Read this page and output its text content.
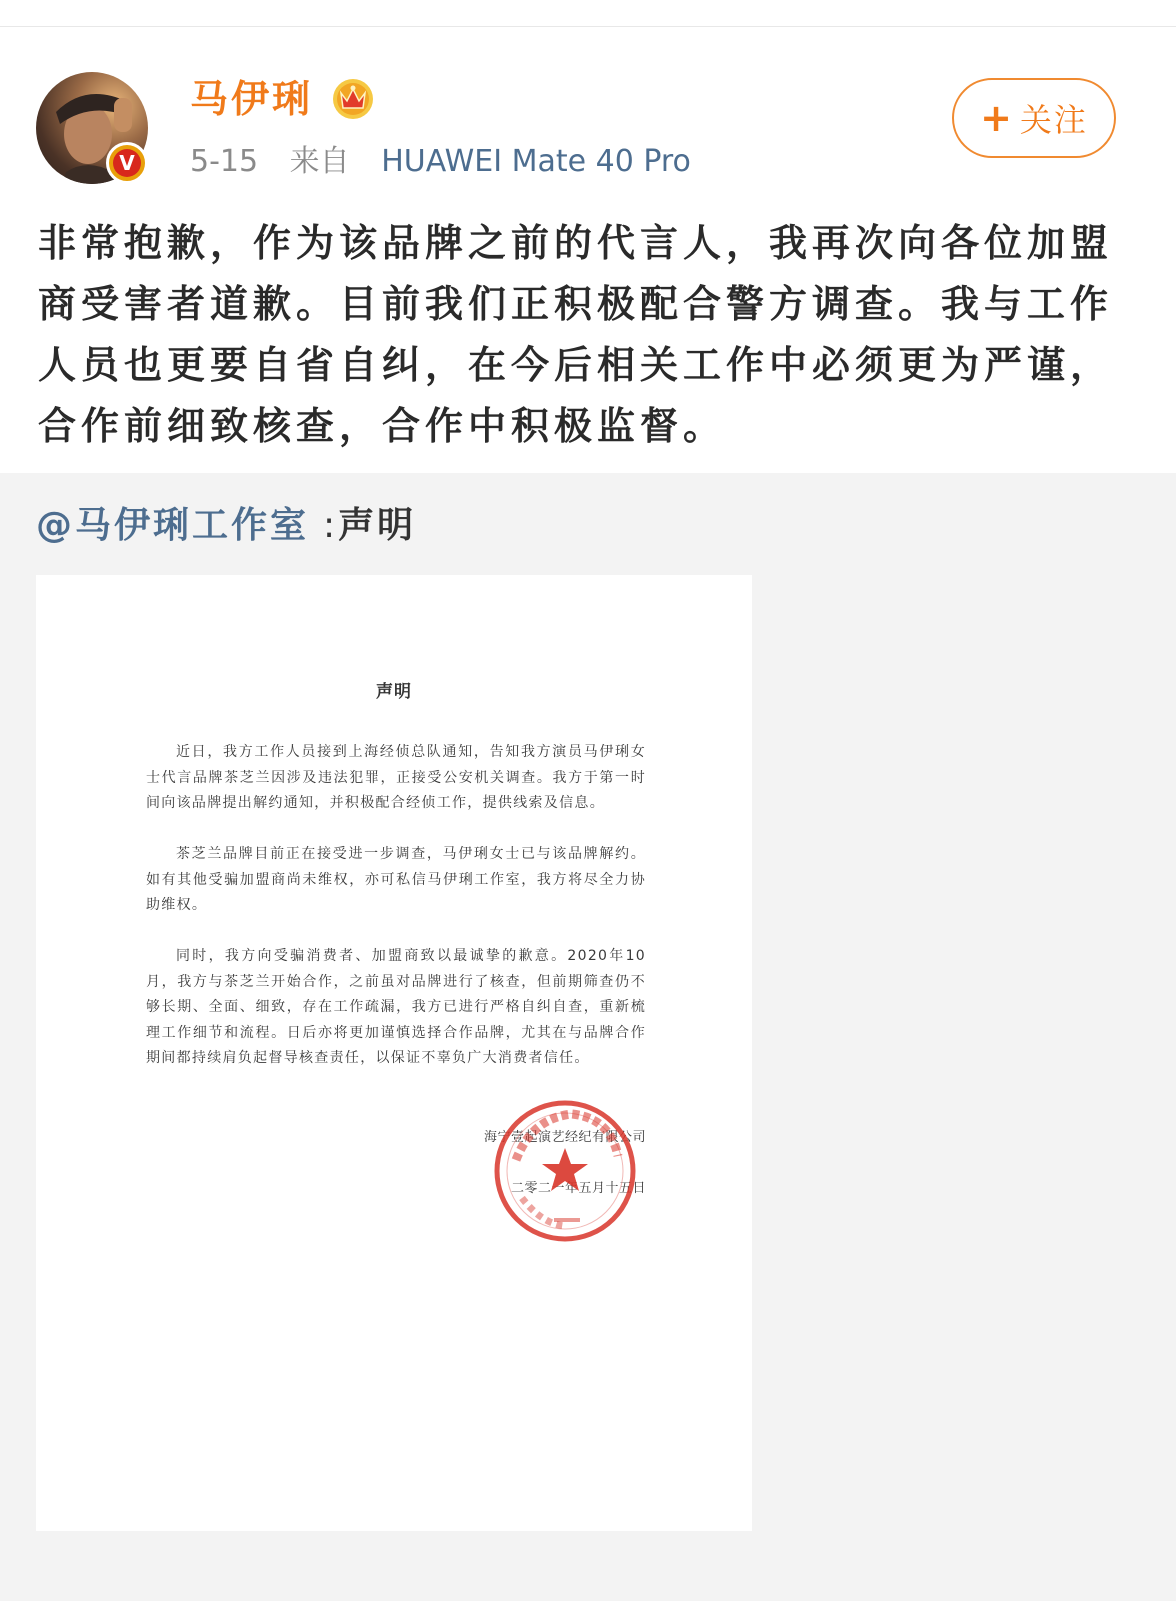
V
马伊琍
5-15 来自 HUAWEI Mate 40 Pro
+ 关注
非常抱歉，作为该品牌之前的代言人，我再次向各位加盟商受害者道歉。目前我们正积极配合警方调查。我与工作人员也更要自省自纠，在今后相关工作中必须更为严谨，合作前细致核查，合作中积极监督。
@马伊琍工作室 :声明
声明
近日，我方工作人员接到上海经侦总队通知，告知我方演员马伊琍女士代言品牌茶芝兰因涉及违法犯罪，正接受公安机关调查。我方于第一时间向该品牌提出解约通知，并积极配合经侦工作，提供线索及信息。
茶芝兰品牌目前正在接受进一步调查，马伊琍女士已与该品牌解约。如有其他受骗加盟商尚未维权，亦可私信马伊琍工作室，我方将尽全力协助维权。
同时，我方向受骗消费者、加盟商致以最诚挚的歉意。2020年10月，我方与茶芝兰开始合作，之前虽对品牌进行了核查，但前期筛查仍不够长期、全面、细致，存在工作疏漏，我方已进行严格自纠自查，重新梳理工作细节和流程。日后亦将更加谨慎选择合作品牌，尤其在与品牌合作期间都持续肩负起督导核查责任，以保证不辜负广大消费者信任。
海宁壹起演艺经纪有限公司
二零二一年五月十五日
